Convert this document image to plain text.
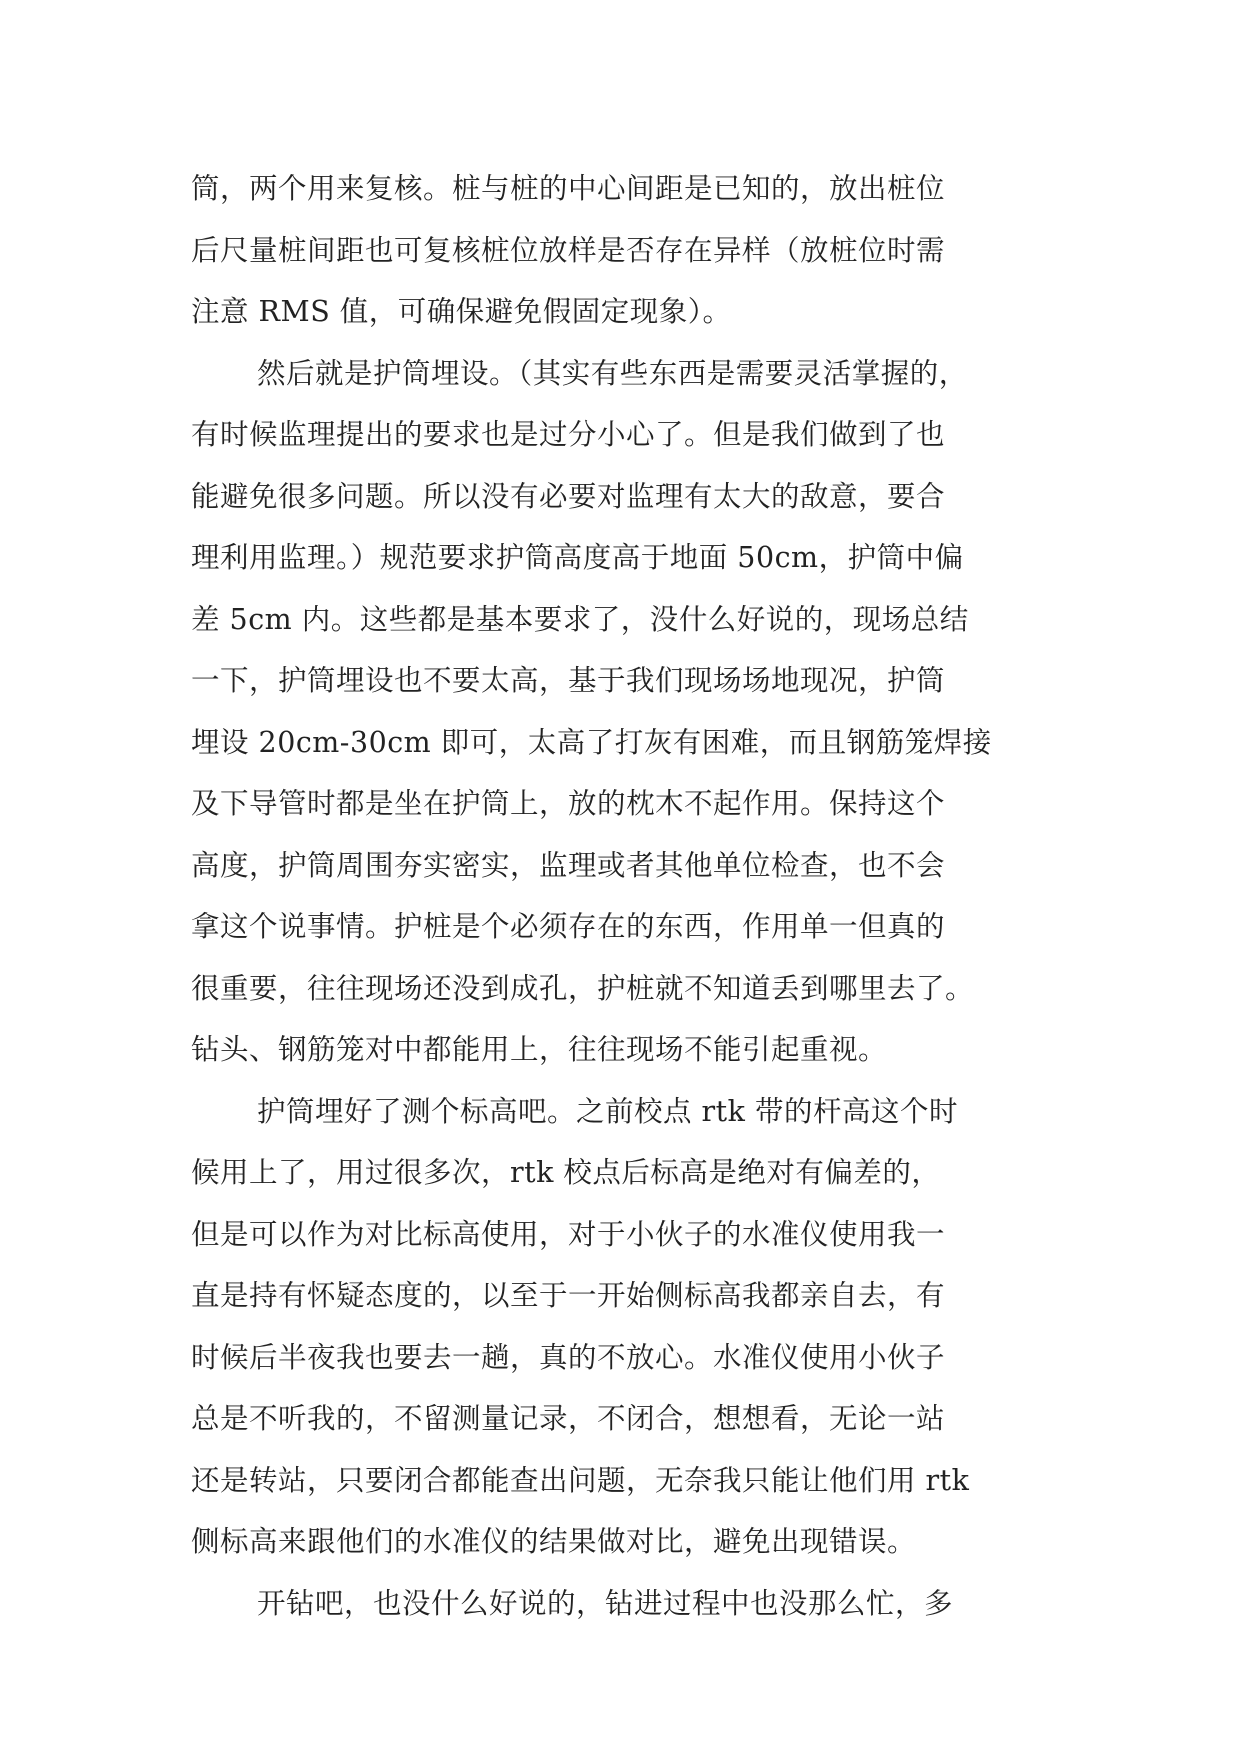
筒，两个用来复核。桩与桩的中心间距是已知的，放出桩位
后尺量桩间距也可复核桩位放样是否存在异样（放桩位时需
注意 RMS 值，可确保避免假固定现象）。
然后就是护筒埋设。（其实有些东西是需要灵活掌握的，
有时候监理提出的要求也是过分小心了。但是我们做到了也
能避免很多问题。所以没有必要对监理有太大的敌意，要合
理利用监理。）规范要求护筒高度高于地面 50cm，护筒中偏
差 5cm 内。这些都是基本要求了，没什么好说的，现场总结
一下，护筒埋设也不要太高，基于我们现场场地现况，护筒
埋设 20cm-30cm 即可，太高了打灰有困难，而且钢筋笼焊接
及下导管时都是坐在护筒上，放的枕木不起作用。保持这个
高度，护筒周围夯实密实，监理或者其他单位检查，也不会
拿这个说事情。护桩是个必须存在的东西，作用单一但真的
很重要，往往现场还没到成孔，护桩就不知道丢到哪里去了。
钻头、钢筋笼对中都能用上，往往现场不能引起重视。
护筒埋好了测个标高吧。之前校点 rtk 带的杆高这个时
候用上了，用过很多次，rtk 校点后标高是绝对有偏差的，
但是可以作为对比标高使用，对于小伙子的水准仪使用我一
直是持有怀疑态度的，以至于一开始侧标高我都亲自去，有
时候后半夜我也要去一趟，真的不放心。水准仪使用小伙子
总是不听我的，不留测量记录，不闭合，想想看，无论一站
还是转站，只要闭合都能查出问题，无奈我只能让他们用 rtk
侧标高来跟他们的水准仪的结果做对比，避免出现错误。
开钻吧，也没什么好说的，钻进过程中也没那么忙，多
